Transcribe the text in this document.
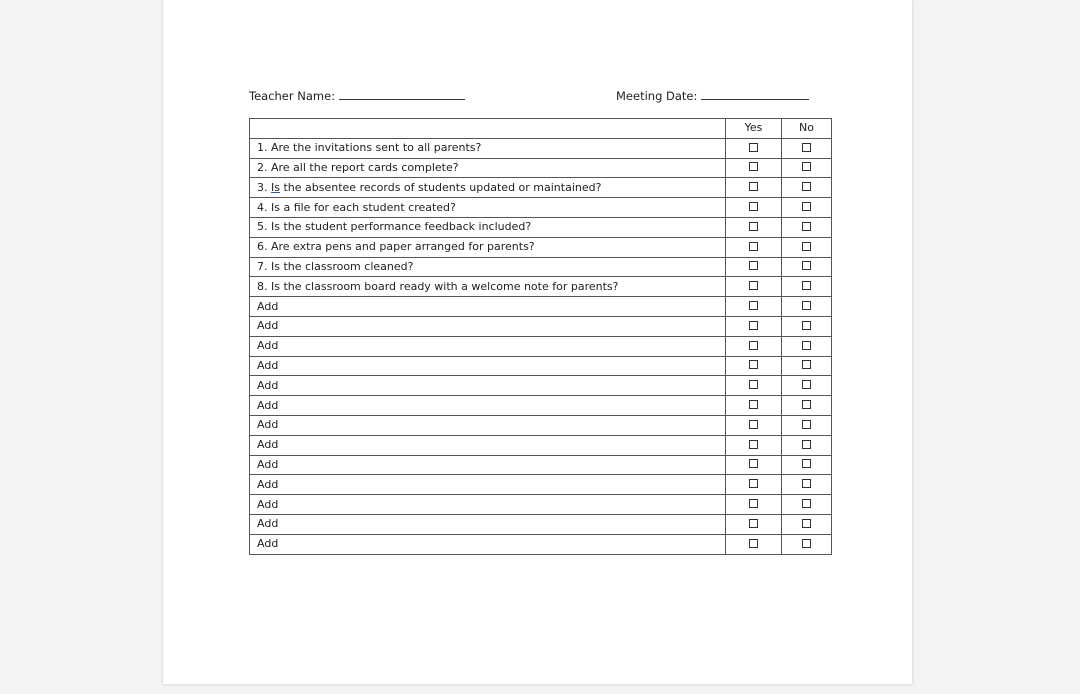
Teacher Name:	Meeting Date:
	Yes	No
1. Are the invitations sent to all parents?		
2. Are all the report cards complete?		
3. Is the absentee records of students updated or maintained?		
4. Is a file for each student created?		
5. Is the student performance feedback included?		
6. Are extra pens and paper arranged for parents?		
7. Is the classroom cleaned?		
8. Is the classroom board ready with a welcome note for parents?		
Add		
Add		
Add		
Add		
Add		
Add		
Add		
Add		
Add		
Add		
Add		
Add		
Add		
